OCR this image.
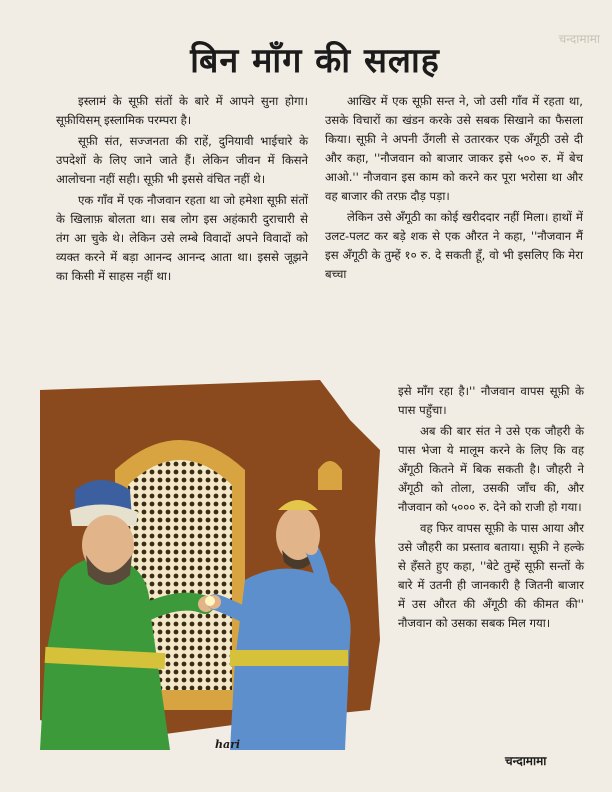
चन्दामामा
बिन माँग की सलाह

इस्लामं के सूफ़ी संतों के बारे में आपने सुना होगा। सूफ़ीयिसम् इस्लामिक परम्परा है।

सूफ़ी संत, सज्जनता की राहें, दुनियावी भाईचारे के उपदेशों के लिए जाने जाते हैं। लेकिन जीवन में किसने आलोचना नहीं सही। सूफ़ी भी इससे वंचित नहीं थे।

एक गाँव में एक नौजवान रहता था जो हमेशा सूफ़ी संतों के खिलाफ़ बोलता था। सब लोग इस अहंकारी दुराचारी से तंग आ चुके थे। लेकिन उसे लम्बे विवादों अपने विवादों को व्यक्त करने में बड़ा आनन्द आनन्द आता था। इससे जूझने का किसी में साहस नहीं था।

आखिर में एक सूफ़ी सन्त ने, जो उसी गाँव में रहता था, उसके विचारों का खंडन करके उसे सबक सिखाने का फैसला किया। सूफ़ी ने अपनी उँगली से उतारकर एक अँगूठी उसे दी और कहा, ''नौजवान को बाजार जाकर इसे ५०० रु. में बेच आओ.'' नौजवान इस काम को करने कर पूरा भरोसा था और वह बाजार की तरफ़ दौड़ पड़ा।

लेकिन उसे अँगूठी का कोई खरीददार नहीं मिला। हाथों में उलट-पलट कर बड़े शक से एक औरत ने कहा, ''नौजवान मैं इस अँगूठी के तुम्हें १० रु. दे सकती हूँ, वो भी इसलिए कि मेरा बच्चा

इसे माँग रहा है।'' नौजवान वापस सूफ़ी के पास पहुँचा।

अब की बार संत ने उसे एक जौहरी के पास भेजा ये मालूम करने के लिए कि वह अँगूठी कितने में बिक सकती है। जौहरी ने अँगूठी को तोला, उसकी जाँच की, और नौजवान को ५००० रु. देने को राजी हो गया।

वह फिर वापस सूफ़ी के पास आया और उसे जौहरी का प्रस्ताव बताया। सूफ़ी ने हल्के से हँसते हुए कहा, ''बेटे तुम्हें सूफ़ी सन्तों के बारे में उतनी ही जानकारी है जितनी बाजार में उस औरत की अँगूठी की कीमत की'' नौजवान को उसका सबक मिल गया।

hari
चन्दामामा
